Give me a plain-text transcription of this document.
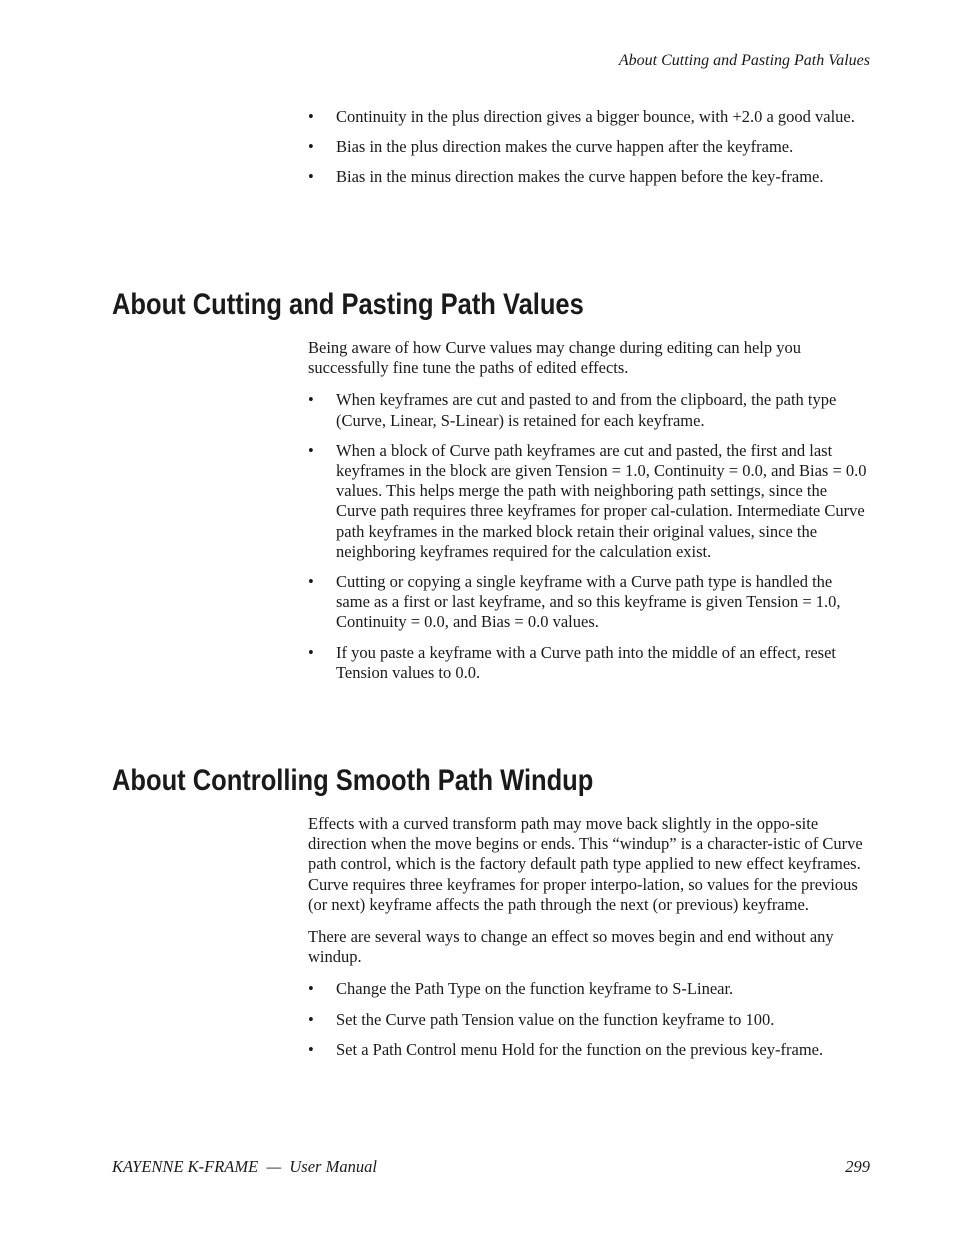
About Cutting and Pasting Path Values
• Continuity in the plus direction gives a bigger bounce, with +2.0 a good value.
• Bias in the plus direction makes the curve happen after the keyframe.
• Bias in the minus direction makes the curve happen before the key-frame.
About Cutting and Pasting Path Values

Being aware of how Curve values may change during editing can help you successfully fine tune the paths of edited effects.

• When keyframes are cut and pasted to and from the clipboard, the path type (Curve, Linear, S-Linear) is retained for each keyframe.
• When a block of Curve path keyframes are cut and pasted, the first and last keyframes in the block are given Tension = 1.0, Continuity = 0.0, and Bias = 0.0 values. This helps merge the path with neighboring path settings, since the Curve path requires three keyframes for proper cal-culation. Intermediate Curve path keyframes in the marked block retain their original values, since the neighboring keyframes required for the calculation exist.
• Cutting or copying a single keyframe with a Curve path type is handled the same as a first or last keyframe, and so this keyframe is given Tension = 1.0, Continuity = 0.0, and Bias = 0.0 values.
• If you paste a keyframe with a Curve path into the middle of an effect, reset Tension values to 0.0.
About Controlling Smooth Path Windup

Effects with a curved transform path may move back slightly in the oppo-site direction when the move begins or ends. This “windup” is a character-istic of Curve path control, which is the factory default path type applied to new effect keyframes. Curve requires three keyframes for proper interpo-lation, so values for the previous (or next) keyframe affects the path through the next (or previous) keyframe.

There are several ways to change an effect so moves begin and end without any windup.

• Change the Path Type on the function keyframe to S-Linear.
• Set the Curve path Tension value on the function keyframe to 100.
• Set a Path Control menu Hold for the function on the previous key-frame.
KAYENNE K-FRAME  —  User Manual	299
